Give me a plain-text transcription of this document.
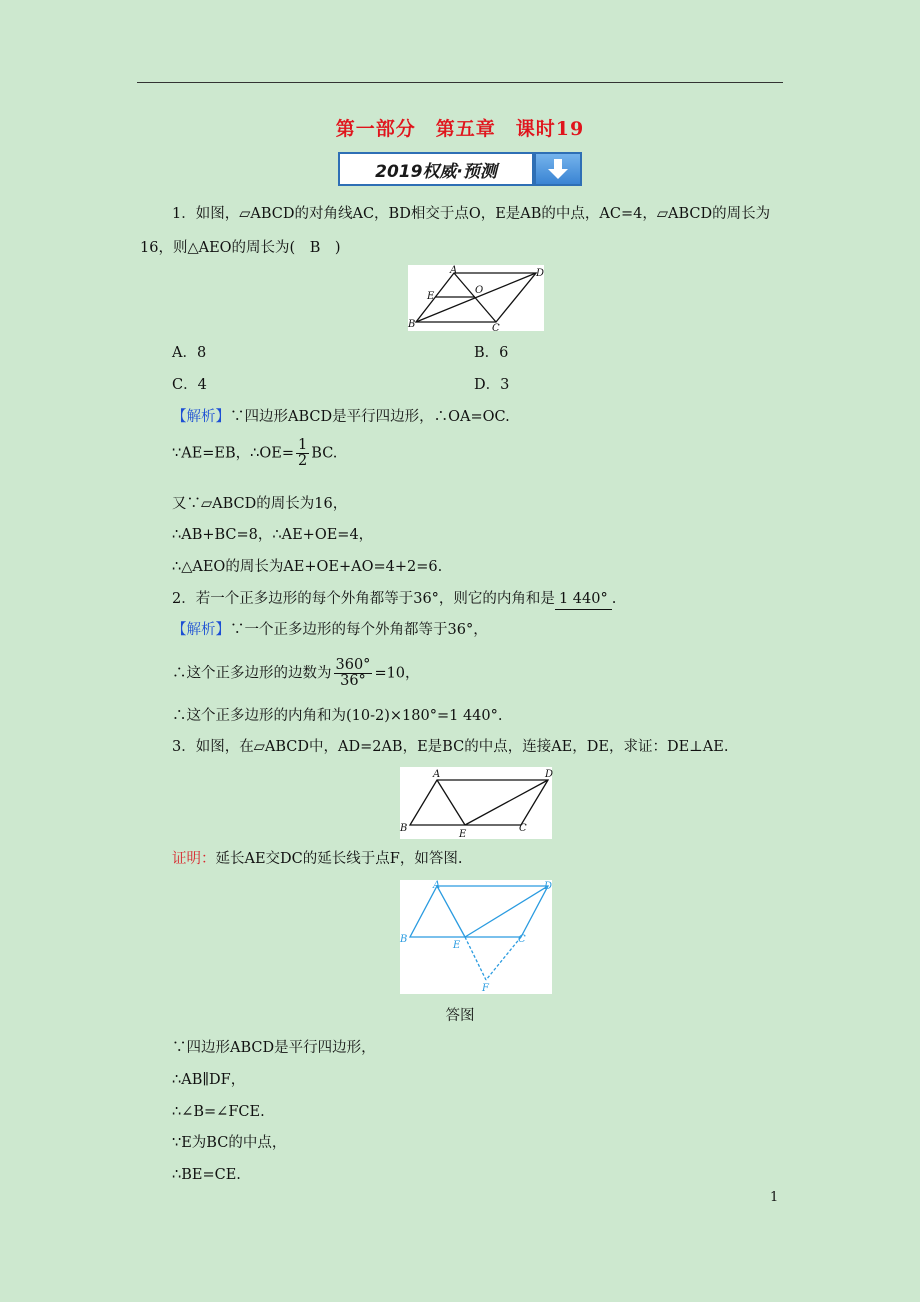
第一部分　第五章　课时19
2019权威·预测
1．如图，▱ABCD的对角线AC，BD相交于点O，E是AB的中点，AC=4，▱ABCD的周长为
16，则△AEO的周长为(　B　)
A	D
E
O
B	C
A．8	B．6
C．4	D．3
【解析】∵四边形ABCD是平行四边形，∴OA=OC.
∵AE=EB，∴OE= $\frac{1}{2}$ BC.
又∵▱ABCD的周长为16，
∴AB+BC=8，∴AE+OE=4，
∴△AEO的周长为AE+OE+AO=4+2=6.
2．若一个正多边形的每个外角都等于36°，则它的内角和是 1 440° .
【解析】∵一个正多边形的每个外角都等于36°，
∴这个正多边形的边数为 $\frac{360^\circ}{36^\circ} =10$，
∴这个正多边形的内角和为(10-2)×180°=1 440°.
3．如图，在▱ABCD中，AD=2AB，E是BC的中点，连接AE，DE，求证：DE⊥AE.
A	D
B
E
C
证明：延长AE交DC的延长线于点F，如答图.
A	D
B
E
C
F
答图
∵四边形ABCD是平行四边形，
∴AB∥DF，
∴∠B=∠FCE.
∵E为BC的中点，
∴BE=CE.
1
